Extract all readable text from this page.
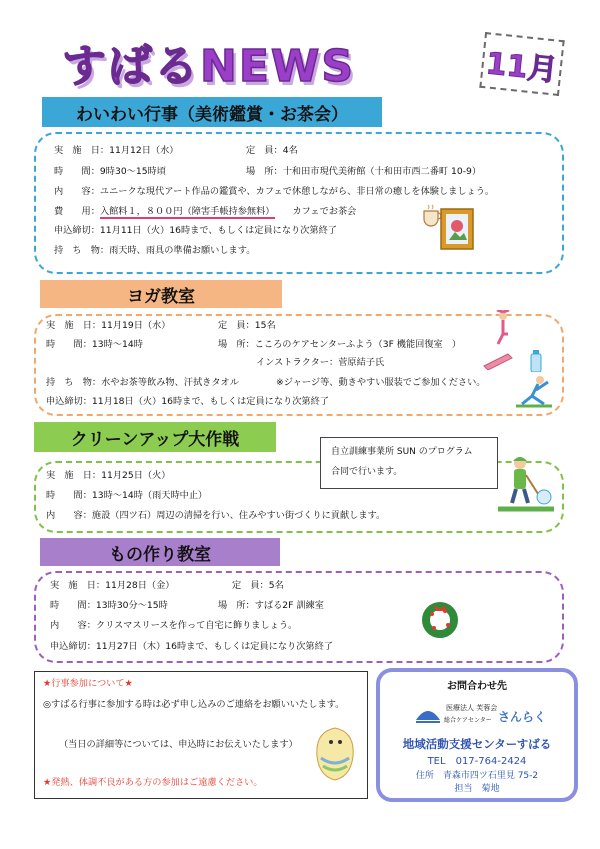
すばるNEWS	11月
わいわい行事（美術鑑賞・お茶会）
実　施　日：11月12日（水）	定　員：4名
時　　間：9時30～15時頃	場　所：十和田市現代美術館（十和田市西二番町 10-9）
内　　容：ユニークな現代アート作品の鑑賞や、カフェで休憩しながら、非日常の癒しを体験しましょう。
費　　用：入館料１，８００円（障害手帳持参無料） カフェでお茶会
申込締切：11月11日（火）16時まで、もしくは定員になり次第終了
持　ち　物：雨天時、雨具の準備お願いします。
ヨガ教室
実　施　日：11月19日（水）	定　員：15名
時　　間：13時～14時	場　所：こころのケアセンターふよう（3F 機能回復室　）
インストラクター：菅原結子氏
持　ち　物：水やお茶等飲み物、汗拭きタオル	※ジャージ等、動きやすい服装でご参加ください。
申込締切：11月18日（火）16時まで、もしくは定員になり次第終了
クリーンアップ大作戦
自立訓練事業所 SUN のプログラム
合同で行います。
実　施　日：11月25日（火）
時　　間：13時～14時（雨天時中止）
内　　容：施設（四ツ石）周辺の清掃を行い、住みやすい街づくりに貢献します。
もの作り教室
実　施　日：11月28日（金）	定　員：5名
時　　間：13時30分～15時	場　所：すばる2F 訓練室
内　　容：クリスマスリースを作って自宅に飾りましょう。
申込締切：11月27日（木）16時まで、もしくは定員になり次第終了
★行事参加について★
◎すばる行事に参加する時は必ず申し込みのご連絡をお願いいたします。
（当日の詳細等については、申込時にお伝えいたします）
★発熱、体調不良がある方の参加はご遠慮ください。
お問合わせ先
医療法人 芙蓉会
総合ケアセンター さんらく
地域活動支援センターすばる
TEL　017-764-2424
住所　青森市四ツ石里見 75-2
担当　菊地
